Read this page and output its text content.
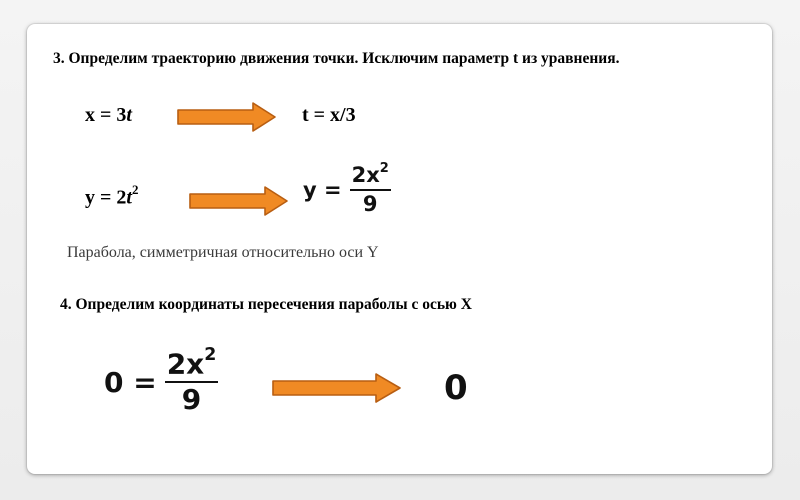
3. Определим траекторию движения точки. Исключим параметр t из уравнения.
x = 3t	t = x/3
$y = 2t^2$	$y = \frac{2x^2}{9}$
Парабола, симметричная относительно оси Y
4. Определим координаты пересечения параболы с осью X
$0 = \frac{2x^2}{9}$	0
